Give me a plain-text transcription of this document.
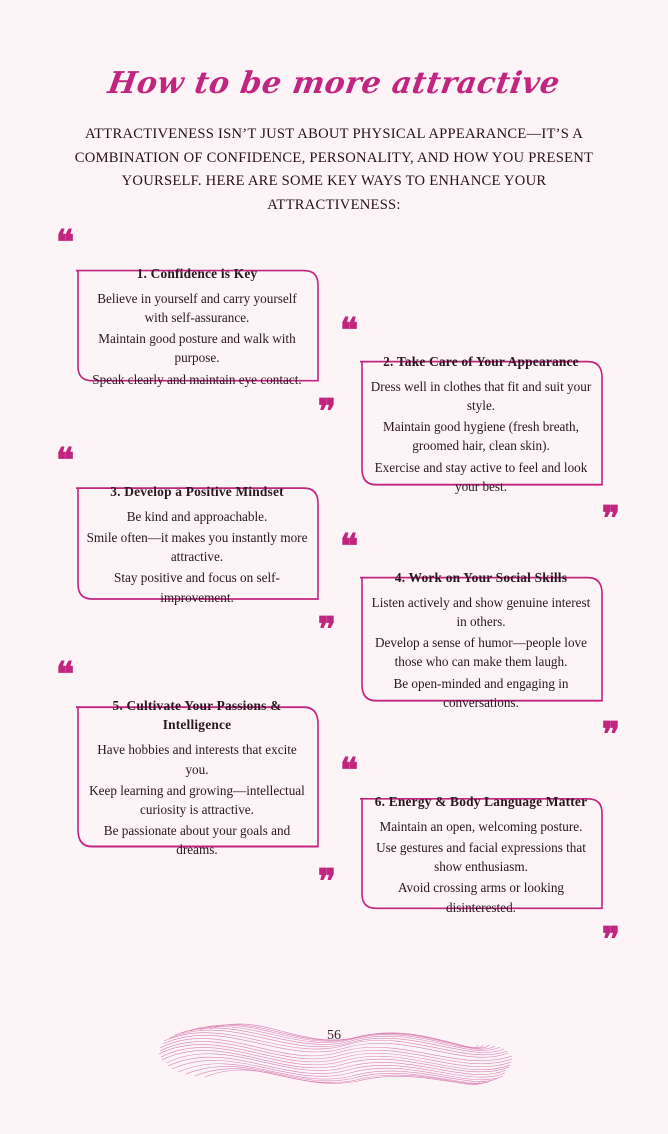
How to be more attractive
ATTRACTIVENESS ISN’T JUST ABOUT PHYSICAL APPEARANCE—IT’S A COMBINATION OF CONFIDENCE, PERSONALITY, AND HOW YOU PRESENT YOURSELF. HERE ARE SOME KEY WAYS TO ENHANCE YOUR ATTRACTIVENESS:
❝
1. Confidence is Key

Believe in yourself and carry yourself with self-assurance.

Maintain good posture and walk with purpose.

Speak clearly and maintain eye contact.

❞
❝
2. Take Care of Your Appearance

Dress well in clothes that fit and suit your style.

Maintain good hygiene (fresh breath, groomed hair, clean skin).

Exercise and stay active to feel and look your best.

❞
❝
3. Develop a Positive Mindset

Be kind and approachable.

Smile often—it makes you instantly more attractive.

Stay positive and focus on self-improvement.

❞
❝
4. Work on Your Social Skills

Listen actively and show genuine interest in others.

Develop a sense of humor—people love those who can make them laugh.

Be open-minded and engaging in conversations.

❞
❝
5. Cultivate Your Passions & Intelligence

Have hobbies and interests that excite you.

Keep learning and growing—intellectual curiosity is attractive.

Be passionate about your goals and dreams.

❞
❝
6. Energy & Body Language Matter

Maintain an open, welcoming posture.

Use gestures and facial expressions that show enthusiasm.

Avoid crossing arms or looking disinterested.

❞
56
